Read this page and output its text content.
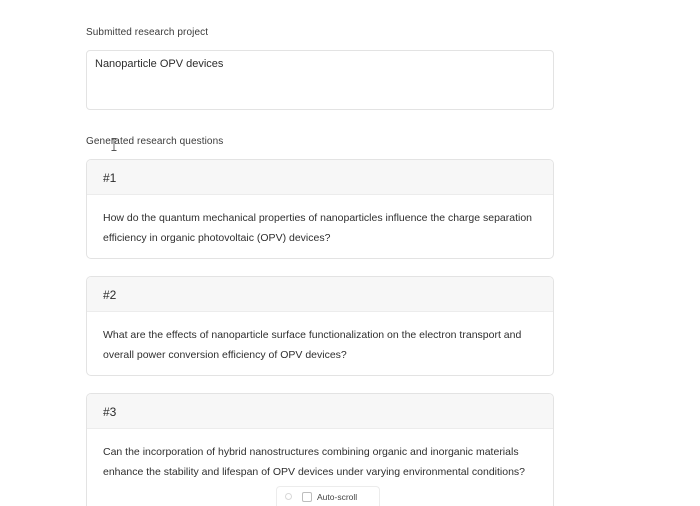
Submitted research project
Nanoparticle OPV devices
Generated research questions
#1
How do the quantum mechanical properties of nanoparticles influence the charge separation efficiency in organic photovoltaic (OPV) devices?
#2
What are the effects of nanoparticle surface functionalization on the electron transport and overall power conversion efficiency of OPV devices?
#3
Can the incorporation of hybrid nanostructures combining organic and inorganic materials enhance the stability and lifespan of OPV devices under varying environmental conditions?
Auto-scroll
